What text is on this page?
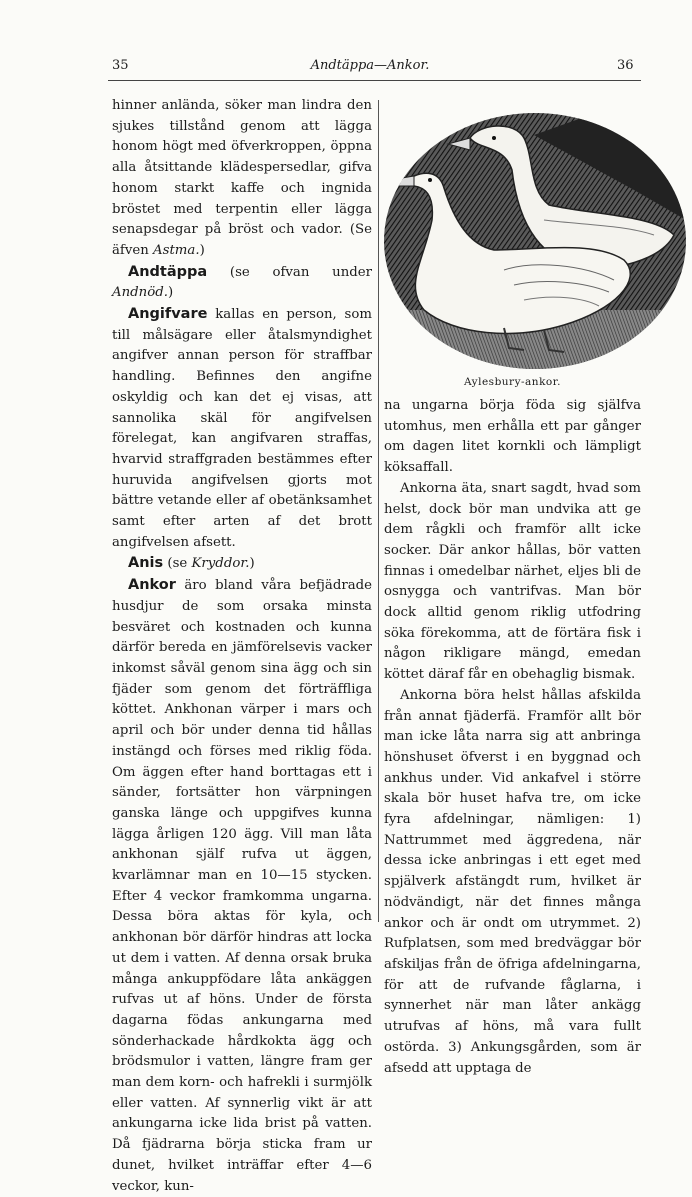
35	Andtäppa—Ankor.	36

hinner anlända, söker man lindra den sjukes tillstånd genom att lägga honom högt med öfverkroppen, öppna alla åtsittande klädespersedlar, gifva honom starkt kaffe och ingnida bröstet med terpentin eller lägga senapsdegar på bröst och vador. (Se äfven Astma.)

Andtäppa (se ofvan under Andnöd.)

Angifvare kallas en person, som till målsägare eller åtalsmyndighet angifver annan person för straffbar handling. Befinnes den angifne oskyldig och kan det ej visas, att sannolika skäl för angifvelsen förelegat, kan angifvaren straffas, hvarvid straffgraden bestämmes efter huruvida angifvelsen gjorts mot bättre vetande eller af obetänksamhet samt efter arten af det brott angifvelsen afsett.

Anis (se Kryddor.)

Ankor äro bland våra befjädrade husdjur de som orsaka minsta besväret och kostnaden och kunna därför bereda en jämförelsevis vacker inkomst såväl genom sina ägg och sin fjäder som genom det förträffliga köttet. Ankhonan värper i mars och april och bör under denna tid hållas instängd och förses med riklig föda. Om äggen efter hand borttagas ett i sänder, fortsätter hon värpningen ganska länge och uppgifves kunna lägga årligen 120 ägg. Vill man låta ankhonan själf rufva ut äggen, kvarlämnar man en 10—15 stycken. Efter 4 veckor framkomma ungarna. Dessa böra aktas för kyla, och ankhonan bör därför hindras att locka ut dem i vatten. Af denna orsak bruka många ankuppfödare låta ankäggen rufvas ut af höns. Under de första dagarna födas ankungarna med sönderhackade hårdkokta ägg och brödsmulor i vatten, längre fram ger man dem korn- och hafrekli i surmjölk eller vatten. Af synnerlig vikt är att ankungarna icke lida brist på vatten. Då fjädrarna börja sticka fram ur dunet, hvilket inträffar efter 4—6 veckor, kun-

Aylesbury-ankor.

na ungarna börja föda sig själfva utomhus, men erhålla ett par gånger om dagen litet kornkli och lämpligt köksaffall.

Ankorna äta, snart sagdt, hvad som helst, dock bör man undvika att ge dem rågkli och framför allt icke socker. Där ankor hållas, bör vatten finnas i omedelbar närhet, eljes bli de osnygga och vantrifvas. Man bör dock alltid genom riklig utfodring söka förekomma, att de förtära fisk i någon rikligare mängd, emedan köttet däraf får en obehaglig bismak.

Ankorna böra helst hållas afskilda från annat fjäderfä. Framför allt bör man icke låta narra sig att anbringa hönshuset öfverst i en byggnad och ankhus under. Vid ankafvel i större skala bör huset hafva tre, om icke fyra afdelningar, nämligen: 1) Nattrummet med äggredena, när dessa icke anbringas i ett eget med spjälverk afstängdt rum, hvilket är nödvändigt, när det finnes många ankor och är ondt om utrymmet. 2) Rufplatsen, som med bredväggar bör afskiljas från de öfriga afdelningarna, för att de rufvande fåglarna, i synnerhet när man låter ankägg utrufvas af höns, må vara fullt ostörda. 3) Ankungsgården, som är afsedd att upptaga de
